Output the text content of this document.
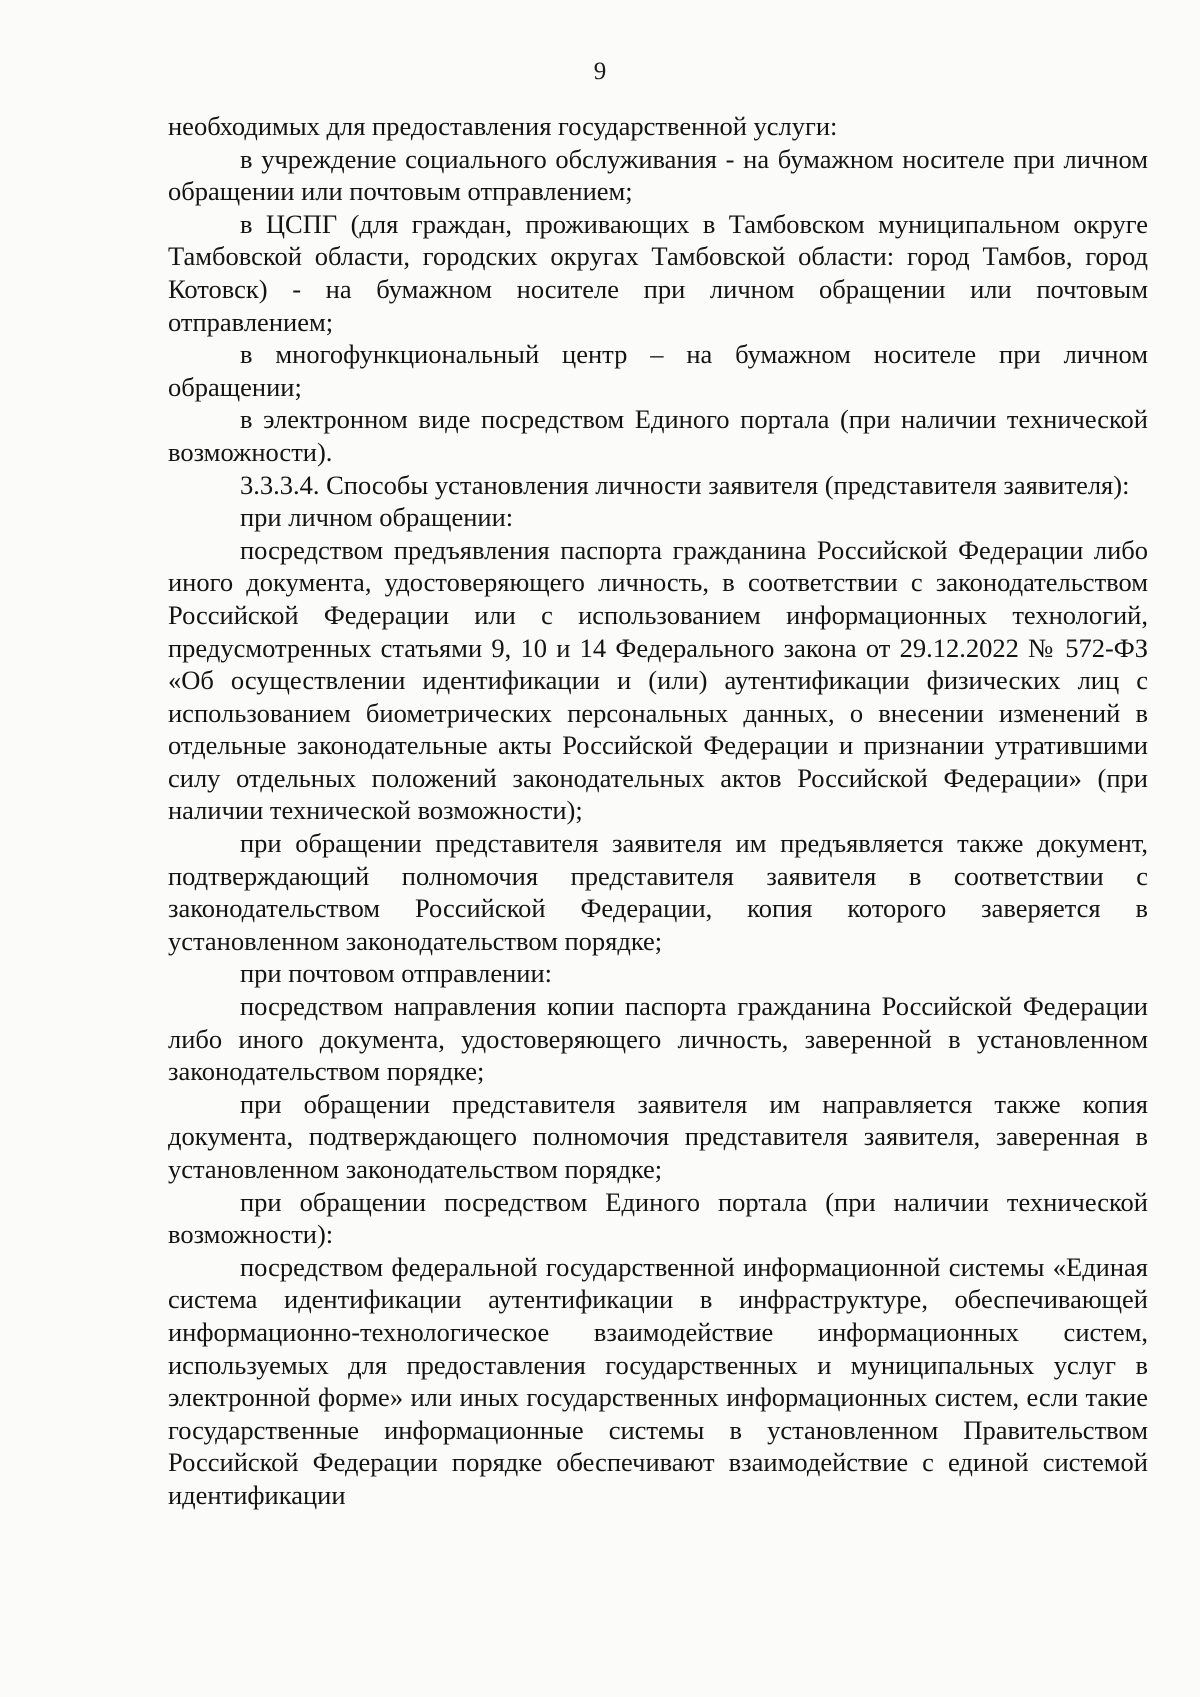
9

необходимых для предоставления государственной услуги:

в учреждение социального обслуживания - на бумажном носителе при личном обращении или почтовым отправлением;

в ЦСПГ (для граждан, проживающих в Тамбовском муниципальном округе Тамбовской области, городских округах Тамбовской области: город Тамбов, город Котовск) - на бумажном носителе при личном обращении или почтовым отправлением;

в многофункциональный центр – на бумажном носителе при личном обращении;

в электронном виде посредством Единого портала (при наличии технической возможности).

3.3.3.4. Способы установления личности заявителя (представителя заявителя):

при личном обращении:

посредством предъявления паспорта гражданина Российской Федерации либо иного документа, удостоверяющего личность, в соответствии с законодательством Российской Федерации или с использованием информационных технологий, предусмотренных статьями 9, 10 и 14 Федерального закона от 29.12.2022 № 572-ФЗ «Об осуществлении идентификации и (или) аутентификации физических лиц с использованием биометрических персональных данных, о внесении изменений в отдельные законодательные акты Российской Федерации и признании утратившими силу отдельных положений законодательных актов Российской Федерации» (при наличии технической возможности);

при обращении представителя заявителя им предъявляется также документ, подтверждающий полномочия представителя заявителя в соответствии с законодательством Российской Федерации, копия которого заверяется в установленном законодательством порядке;

при почтовом отправлении:

посредством направления копии паспорта гражданина Российской Федерации либо иного документа, удостоверяющего личность, заверенной в установленном законодательством порядке;

при обращении представителя заявителя им направляется также копия документа, подтверждающего полномочия представителя заявителя, заверенная в установленном законодательством порядке;

при обращении посредством Единого портала (при наличии технической возможности):

посредством федеральной государственной информационной системы «Единая система идентификации аутентификации в инфраструктуре, обеспечивающей информационно-технологическое взаимодействие информационных систем, используемых для предоставления государственных и муниципальных услуг в электронной форме» или иных государственных информационных систем, если такие государственные информационные системы в установленном Правительством Российской Федерации порядке обеспечивают взаимодействие с единой системой идентификации
